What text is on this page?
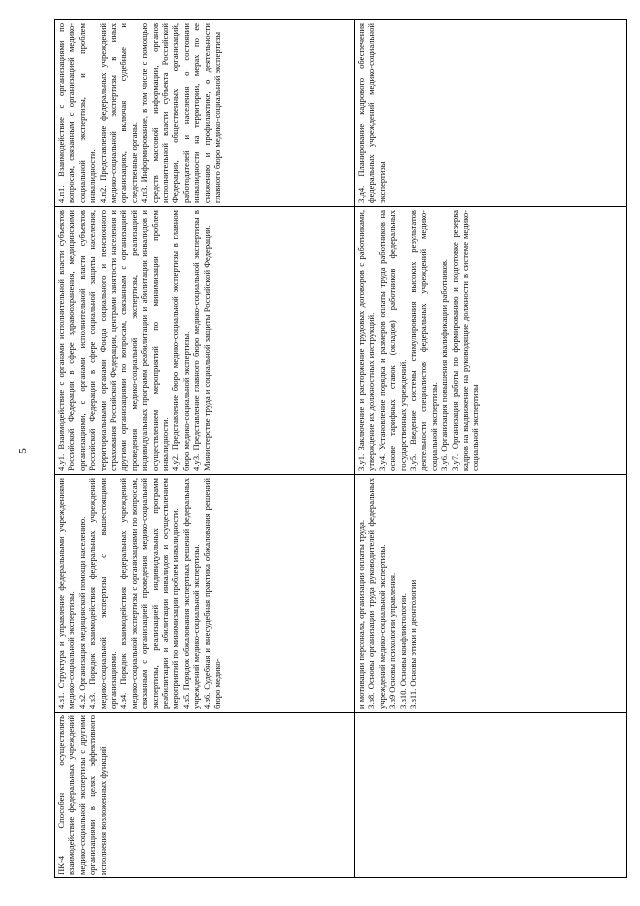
5

и мотивации персонала, организации оплаты труда. 3.з8. Основы организации труда руководителей федеральных учреждений медико-социальной экспертизы. 3.з9 Основы психологии управления. 3.з10. Основы конфликтологии. 3.з11. Основы этики и деонтологии

3.у1. Заключение и расторжение трудовых договоров с работниками, утверждение их должностных инструкций. 3.у4. Установление порядка и размеров оплаты труда работников на основе тарифных ставок (окладов) работников федеральных государственных учреждений. 3.у5. Введение системы стимулирования высоких результатов деятельности специалистов федеральных учреждений медико-социальной экспертизы. 3.у6. Организация повышения квалификации работников. 3.у7. Организация работы по формированию и подготовке резерва кадров на выдвижение на руководящие должности в системе медико-социальной экспертизы

3.д4. Планирование кадрового обеспечения федеральных учреждений медико-социальной экспертизы

ПК-4 Способен осуществлять взаимодействие федеральных учреждений медико-социальной экспертизы с другими организациями в целях эффективного исполнения возложенных функций

4.з1. Структура и управление федеральными учреждениями медико-социальной экспертизы. 4.з2. Организация медицинской помощи населению. 4.з3. Порядок взаимодействия федеральных учреждений медико-социальной экспертизы с вышестоящими организациями. 4.з4. Порядок взаимодействия федеральных учреждений медико-социальной экспертизы с организациями по вопросам, связанным с организацией проведения медико-социальной экспертизы, реализацией индивидуальных программ реабилитации и абилитации инвалидов и осуществлением мероприятий по минимизации проблем инвалидности. 4.з5. Порядок обжалования экспертных решений федеральных учреждений медико-социальной экспертизы. 4.з6. Судебная и внесудебная практика обжалования решений бюро медико-

4.у1. Взаимодействие с органами исполнительной власти субъектов Российской Федерации в сфере здравоохранения, медицинскими организациями, с органами исполнительной власти субъектов Российской Федерации в сфере социальной защиты населения, территориальными органами Фонда социального и пенсионного страхования Российской Федерации, центрами занятости населения и другими организациями по вопросам, связанным с организацией проведения медико-социальной экспертизы, реализацией индивидуальных программ реабилитации и абилитации инвалидов и осуществлением мероприятий по минимизации проблем инвалидности. 4.у2. Представление бюро медико-социальной экспертизы в главном бюро медико-социальной экспертизы. 4.у3. Представление главного бюро медико-социальной экспертизы в Министерстве труда и социальной защиты Российской Федерации.

4.п1. Взаимодействие с организациями по вопросам, связанным с организацией медико-социальной экспертизы, и проблем инвалидности. 4.п2. Представление федеральных учреждений медико-социальной экспертизы в иных организациях, включая судебные и следственные органы. 4.п3. Информирование, в том числе с помощью средств массовой информации, органов исполнительной власти субъекта Российской Федерации, общественных организаций, работодателей и населения о состоянии инвалидности на территории, мерах по ее снижению и профилактике, о деятельности главного бюро медико-социальной экспертизы
